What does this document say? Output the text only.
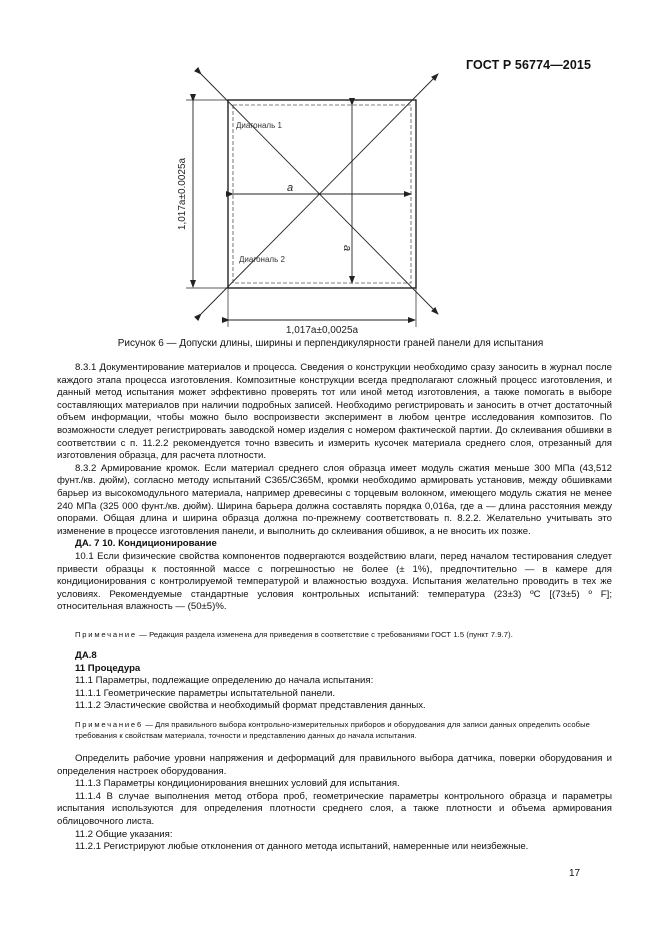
ГОСТ Р 56774—2015
Диагональ 1
Диагональ 2
a
a
1,017a±0.0025a
1,017a±0,0025a
Рисунок 6 — Допуски длины, ширины и перпендикулярности граней панели для испытания

8.3.1 Документирование материалов и процесса. Сведения о конструкции необходимо сразу заносить в журнал после каждого этапа процесса изготовления. Композитные конструкции всегда предполагают сложный процесс изготовления, и данный метод испытания может эффективно проверять тот или иной метод изготовления, а также помогать в выборе составляющих материалов при наличии подробных записей. Необходимо регистрировать и заносить в отчет достаточный объем информации, чтобы можно было воспроизвести эксперимент в любом центре исследования композитов. По возможности следует регистрировать заводской номер изделия с номером фактической партии. До склеивания обшивки в соответствии с п. 11.2.2 рекомендуется точно взвесить и измерить кусочек материала среднего слоя, отрезанный для изготовления образца, для расчета плотности.

8.3.2 Армирование кромок. Если материал среднего слоя образца имеет модуль сжатия меньше 300 МПа (43,512 фунт./кв. дюйм), согласно методу испытаний C365/C365M, кромки необходимо армировать установив, между обшивками барьер из высокомодульного материала, например древесины с торцевым волокном, имеющего модуль сжатия не менее 240 МПа (325 000 фунт./кв. дюйм). Ширина барьера должна составлять порядка 0,016a, где a — длина расстояния между опорами. Общая длина и ширина образца должна по-прежнему соответствовать п. 8.2.2. Желательно учитывать это изменение в процессе изготовления панели, и выполнить до склеивания обшивок, а не вносить их позже.

ДА. 7 10. Кондиционирование

10.1 Если физические свойства компонентов подвергаются воздействию влаги, перед началом тестирования следует привести образцы к постоянной массе с погрешностью не более (± 1%), предпочтительно — в камере для кондиционирования с контролируемой температурой и влажностью воздуха. Испытания желательно проводить в тех же условиях. Рекомендуемые стандартные условия контрольных испытаний: температура (23±3) ºС [(73±5) º F]; относительная влажность — (50±5)%.

Примечание — Редакция раздела изменена для приведения в соответствие с требованиями ГОСТ 1.5 (пункт 7.9.7).
ДА.8
11 Процедура

11.1 Параметры, подлежащие определению до начала испытания:

11.1.1 Геометрические параметры испытательной панели.

11.1.2 Эластические свойства и необходимый формат представления данных.

Примечание6 — Для правильного выбора контрольно-измерительных приборов и оборудования для записи данных определить особые требования к свойствам материала, точности и представлению данных до начала испытания.

Определить рабочие уровни напряжения и деформаций для правильного выбора датчика, поверки оборудования и определения настроек оборудования.

11.1.3 Параметры кондиционирования внешних условий для испытания.

11.1.4 В случае выполнения метод отбора проб, геометрические параметры контрольного образца и параметры испытания используются для определения плотности среднего слоя, а также плотности и объема армирования облицовочного листа.

11.2 Общие указания:

11.2.1 Регистрируют любые отклонения от данного метода испытаний, намеренные или неизбежные.

17
